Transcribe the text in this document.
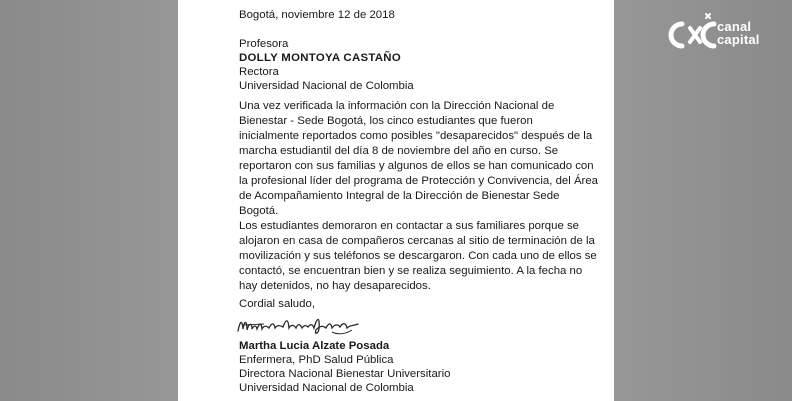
Bogotá, noviembre 12 de 2018
Profesora
DOLLY MONTOYA CASTAÑO
Rectora
Universidad Nacional de Colombia
Una vez verificada la información con la Dirección Nacional de
Bienestar - Sede Bogotá, los cinco estudiantes que fueron
inicialmente reportados como posibles "desaparecidos" después de la
marcha estudiantil del día 8 de noviembre del año en curso. Se
reportaron con sus familias y algunos de ellos se han comunicado con
la profesional líder del programa de Protección y Convivencia, del Área
de Acompañamiento Integral de la Dirección de Bienestar Sede
Bogotá.
Los estudiantes demoraron en contactar a sus familiares porque se
alojaron en casa de compañeros cercanas al sitio de terminación de la
movilización y sus teléfonos se descargaron. Con cada uno de ellos se
contactó, se encuentran bien y se realiza seguimiento. A la fecha no
hay detenidos, no hay desaparecidos.
Cordial saludo,
Martha Lucia Alzate Posada
Enfermera, PhD Salud Pública
Directora Nacional Bienestar Universitario
Universidad Nacional de Colombia
canal
capital
